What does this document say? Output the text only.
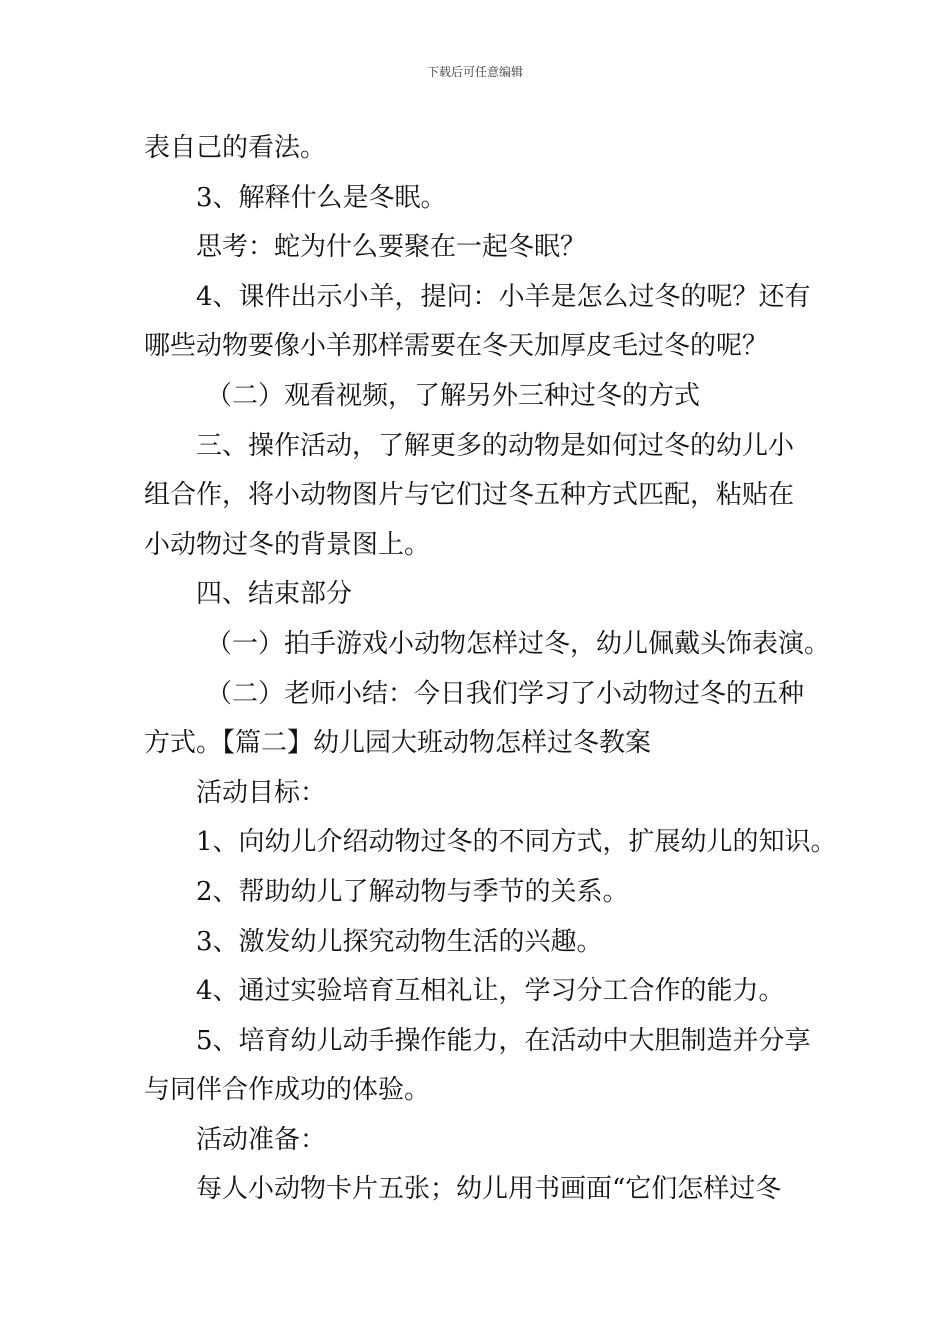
下载后可任意编辑
表自己的看法。
3、解释什么是冬眠。
思考：蛇为什么要聚在一起冬眠？
4、课件出示小羊，提问：小羊是怎么过冬的呢？还有
哪些动物要像小羊那样需要在冬天加厚皮毛过冬的呢？
（二）观看视频，了解另外三种过冬的方式
三、操作活动，了解更多的动物是如何过冬的幼儿小
组合作，将小动物图片与它们过冬五种方式匹配，粘贴在
小动物过冬的背景图上。
四、结束部分
（一）拍手游戏小动物怎样过冬，幼儿佩戴头饰表演。
（二）老师小结：今日我们学习了小动物过冬的五种
方式。【篇二】幼儿园大班动物怎样过冬教案
活动目标：
1、向幼儿介绍动物过冬的不同方式，扩展幼儿的知识。
2、帮助幼儿了解动物与季节的关系。
3、激发幼儿探究动物生活的兴趣。
4、通过实验培育互相礼让，学习分工合作的能力。
5、培育幼儿动手操作能力，在活动中大胆制造并分享
与同伴合作成功的体验。
活动准备：
每人小动物卡片五张；幼儿用书画面“它们怎样过冬
